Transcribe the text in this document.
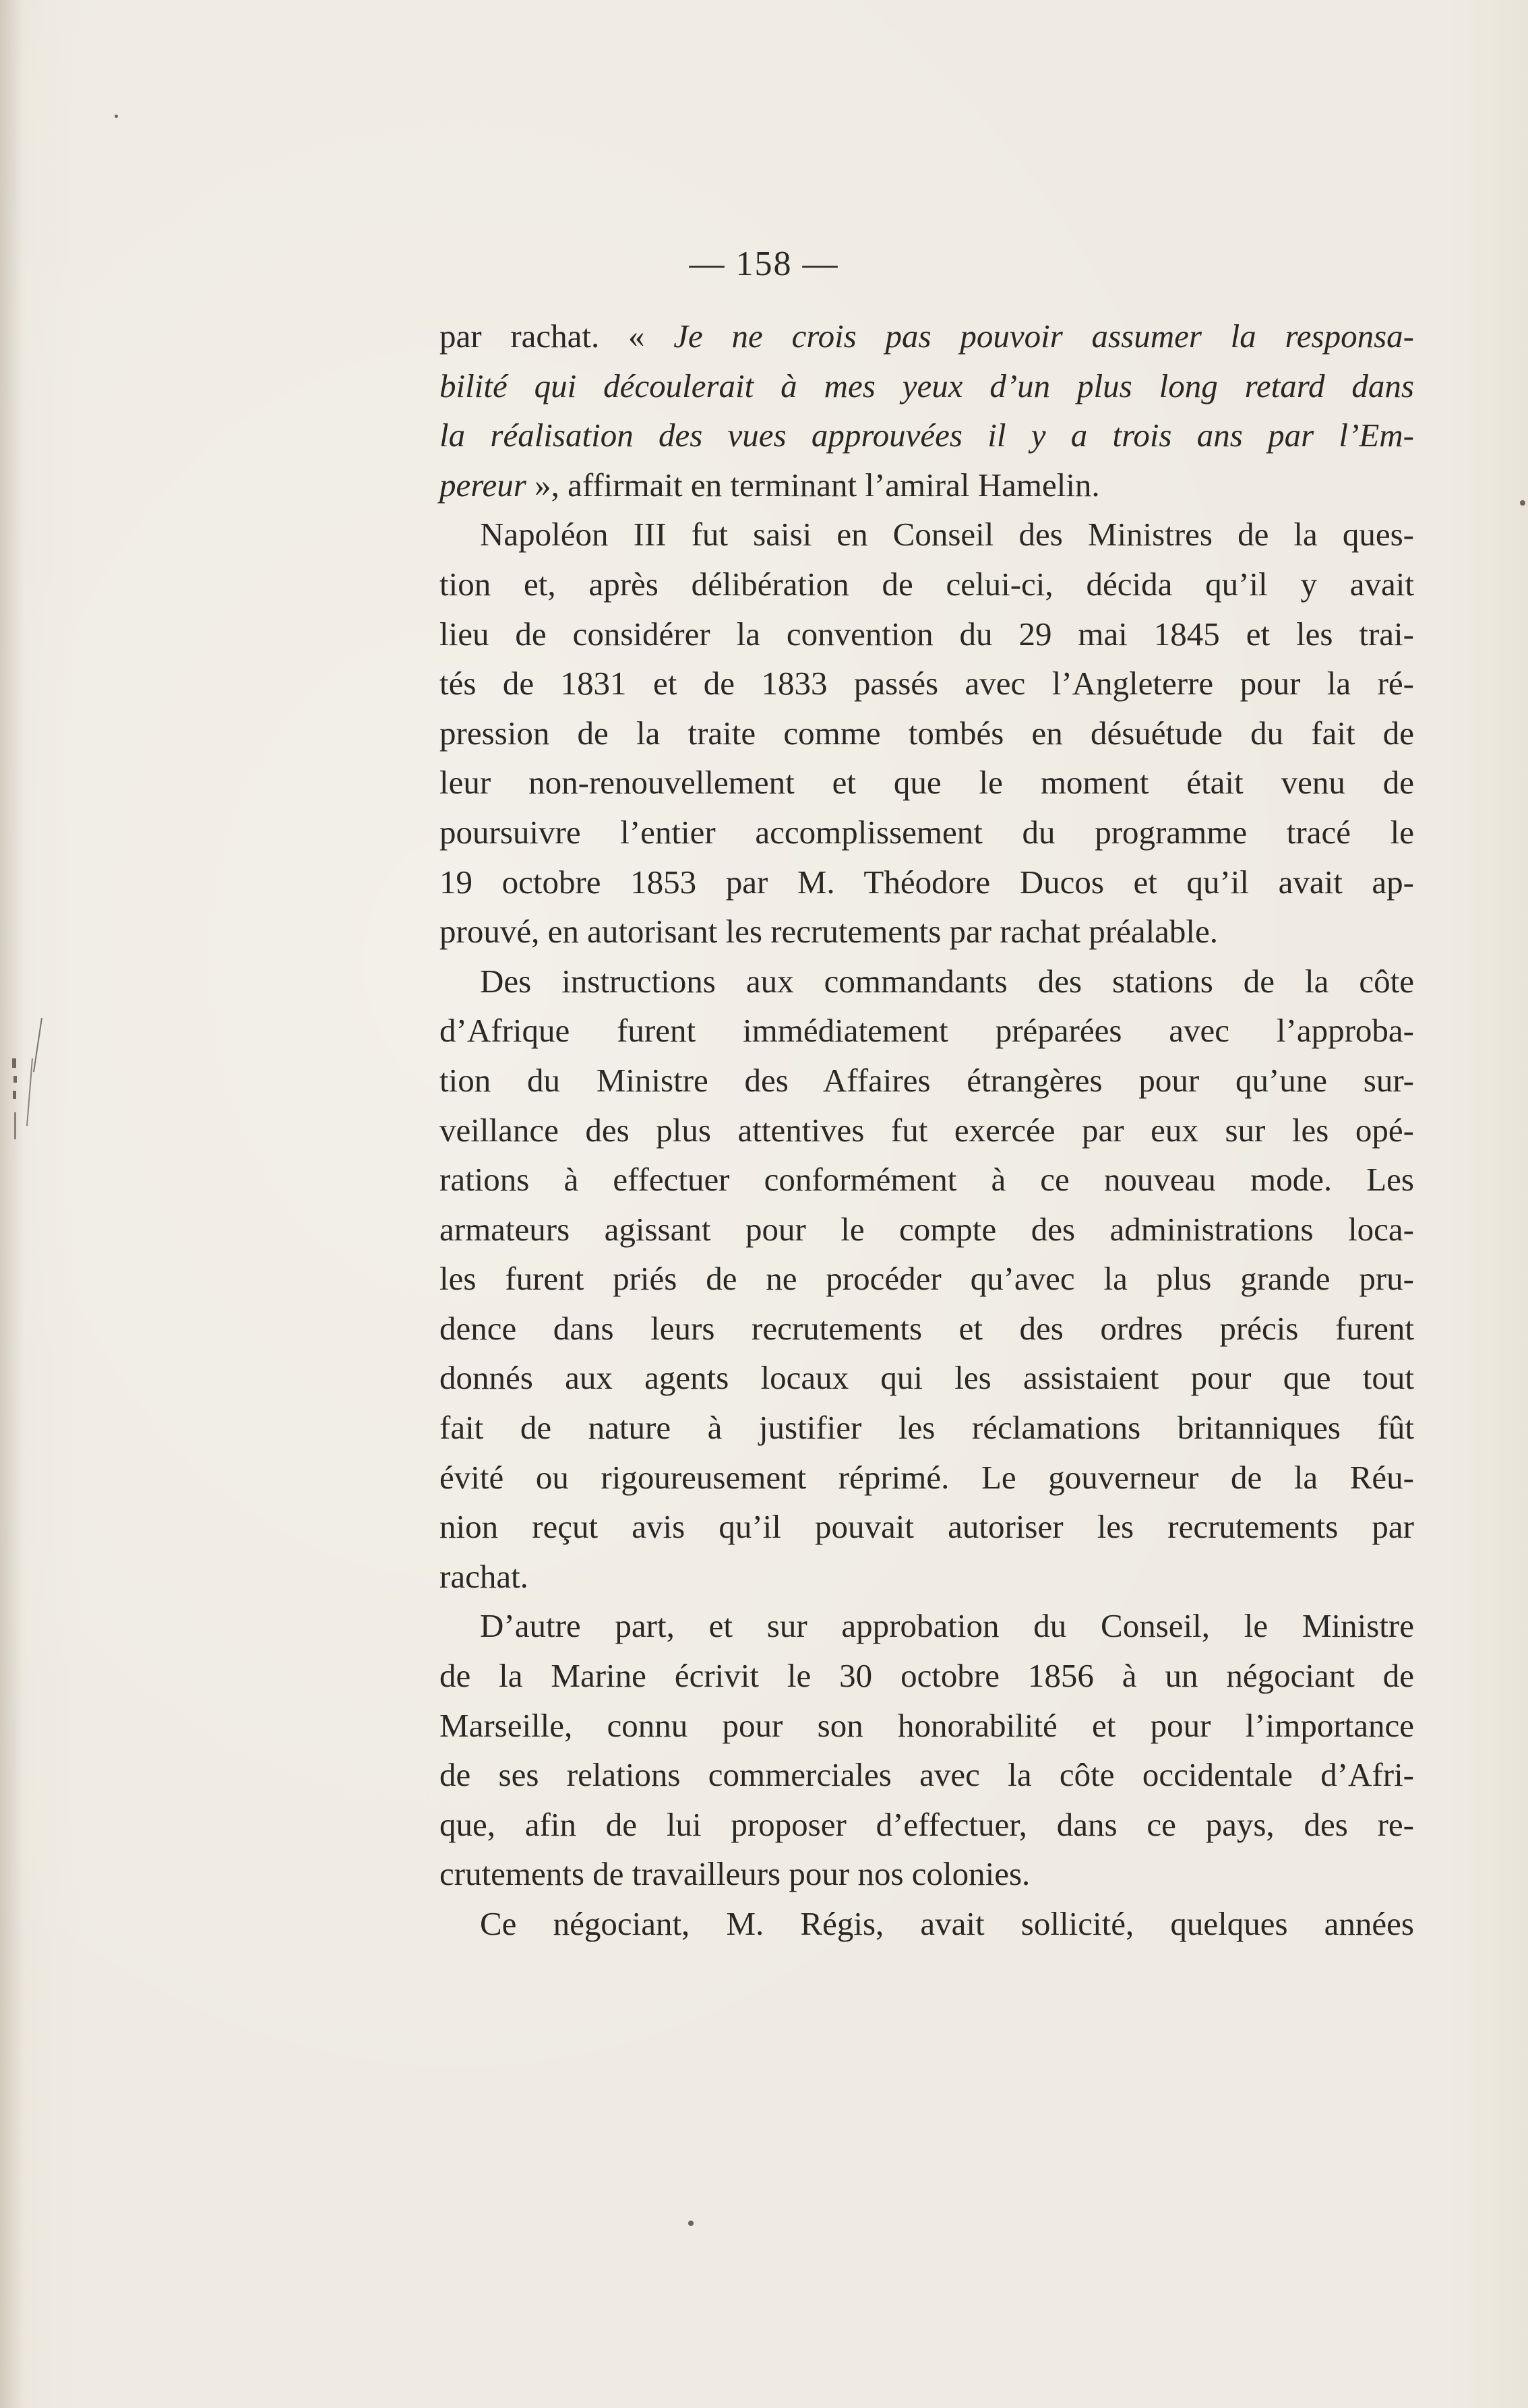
— 158 —
par rachat. « Je ne crois pas pouvoir assumer la responsa-
bilité qui découlerait à mes yeux d’un plus long retard dans
la réalisation des vues approuvées il y a trois ans par l’Em-
pereur », affirmait en terminant l’amiral Hamelin.
Napoléon III fut saisi en Conseil des Ministres de la ques-
tion et, après délibération de celui-ci, décida qu’il y avait
lieu de considérer la convention du 29 mai 1845 et les trai-
tés de 1831 et de 1833 passés avec l’Angleterre pour la ré-
pression de la traite comme tombés en désuétude du fait de
leur non-renouvellement et que le moment était venu de
poursuivre l’entier accomplissement du programme tracé le
19 octobre 1853 par M. Théodore Ducos et qu’il avait ap-
prouvé, en autorisant les recrutements par rachat préalable.
Des instructions aux commandants des stations de la côte
d’Afrique furent immédiatement préparées avec l’approba-
tion du Ministre des Affaires étrangères pour qu’une sur-
veillance des plus attentives fut exercée par eux sur les opé-
rations à effectuer conformément à ce nouveau mode. Les
armateurs agissant pour le compte des administrations loca-
les furent priés de ne procéder qu’avec la plus grande pru-
dence dans leurs recrutements et des ordres précis furent
donnés aux agents locaux qui les assistaient pour que tout
fait de nature à justifier les réclamations britanniques fût
évité ou rigoureusement réprimé. Le gouverneur de la Réu-
nion reçut avis qu’il pouvait autoriser les recrutements par
rachat.
D’autre part, et sur approbation du Conseil, le Ministre
de la Marine écrivit le 30 octobre 1856 à un négociant de
Marseille, connu pour son honorabilité et pour l’importance
de ses relations commerciales avec la côte occidentale d’Afri-
que, afin de lui proposer d’effectuer, dans ce pays, des re-
crutements de travailleurs pour nos colonies.
Ce négociant, M. Régis, avait sollicité, quelques années
